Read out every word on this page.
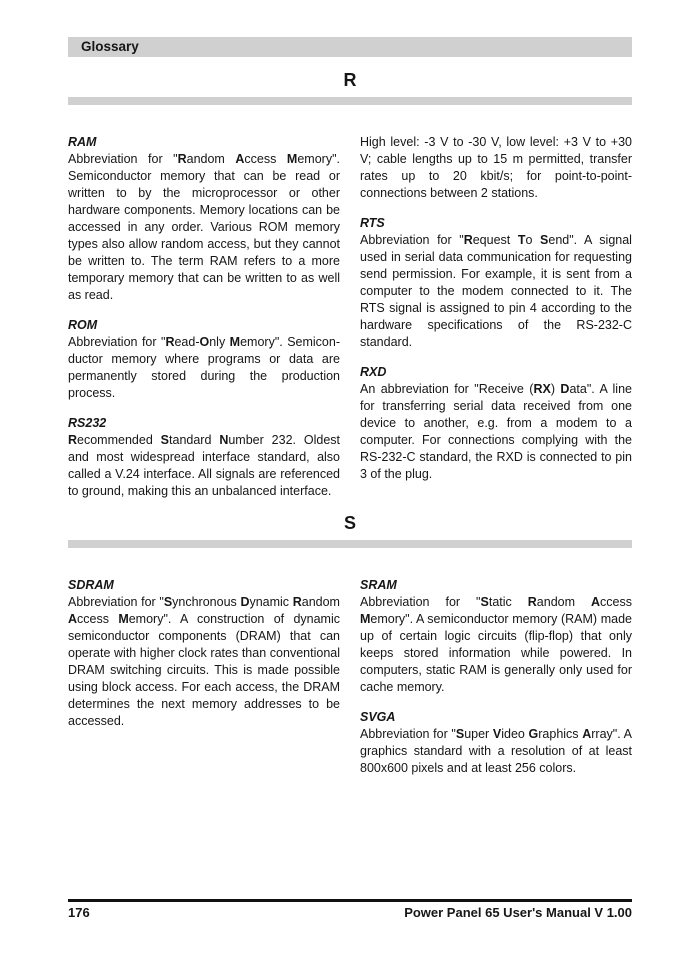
Glossary
R
RAM
Abbreviation for "Random Access Memory". Semiconductor memory that can be read or written to by the microprocessor or other hardware components. Memory locations can be accessed in any order. Various ROM memory types also allow random access, but they cannot be written to. The term RAM refers to a more temporary memory that can be written to as well as read.
ROM
Abbreviation for "Read-Only Memory". Semiconductor memory where programs or data are permanently stored during the production process.
RS232
Recommended Standard Number 232. Oldest and most widespread interface standard, also called a V.24 interface. All signals are referenced to ground, making this an unbalanced interface.
High level: -3 V to -30 V, low level: +3 V to +30 V; cable lengths up to 15 m permitted, transfer rates up to 20 kbit/s; for point-to-point-connections between 2 stations.
RTS
Abbreviation for "Request To Send". A signal used in serial data communication for requesting send permission. For example, it is sent from a computer to the modem connected to it. The RTS signal is assigned to pin 4 according to the hardware specifications of the RS-232-C standard.
RXD
An abbreviation for "Receive (RX) Data". A line for transferring serial data received from one device to another, e.g. from a modem to a computer. For connections complying with the RS-232-C standard, the RXD is connected to pin 3 of the plug.
S
SDRAM
Abbreviation for "Synchronous Dynamic Random Access Memory". A construction of dynamic semiconductor components (DRAM) that can operate with higher clock rates than conventional DRAM switching circuits. This is made possible using block access. For each access, the DRAM determines the next memory addresses to be accessed.
SRAM
Abbreviation for "Static Random Access Memory". A semiconductor memory (RAM) made up of certain logic circuits (flip-flop) that only keeps stored information while powered. In computers, static RAM is generally only used for cache memory.
SVGA
Abbreviation for "Super Video Graphics Array". A graphics standard with a resolution of at least 800x600 pixels and at least 256 colors.
176	Power Panel 65 User's Manual V 1.00
